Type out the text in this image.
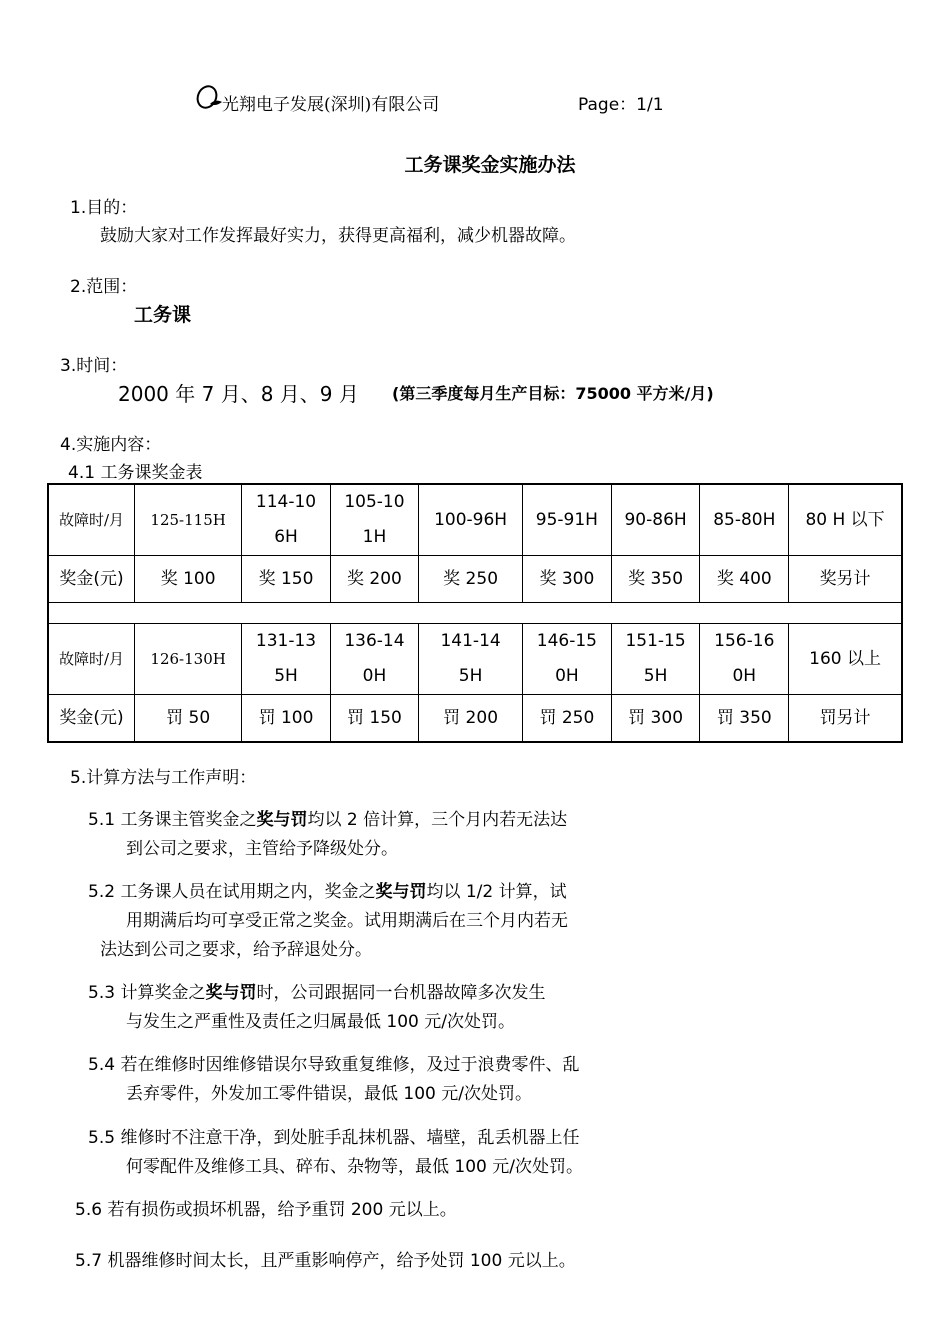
光翔电子发展(深圳)有限公司	Page：1/1
工务课奖金实施办法
1.目的：
鼓励大家对工作发挥最好实力，获得更高福利，减少机器故障。
2.范围：
工务课
3.时间：
2000 年 7 月、8 月、9 月 (第三季度每月生产目标：75000 平方米/月)
4.实施内容：
4.1 工务课奖金表
故障时/月	125-115H	114-106H	105-101H	100-96H	95-91H	90-86H	85-80H	80 H 以下
奖金(元)	奖 100	奖 150	奖 200	奖 250	奖 300	奖 350	奖 400	奖另计

故障时/月	126-130H	131-135H	136-140H	141-145H	146-150H	151-155H	156-160H	160 以上
奖金(元)	罚 50	罚 100	罚 150	罚 200	罚 250	罚 300	罚 350	罚另计
5.计算方法与工作声明：
5.1 工务课主管奖金之奖与罚均以 2 倍计算，三个月内若无法达
到公司之要求，主管给予降级处分。
5.2 工务课人员在试用期之内，奖金之奖与罚均以 1/2 计算，试
用期满后均可享受正常之奖金。试用期满后在三个月内若无
法达到公司之要求，给予辞退处分。
5.3 计算奖金之奖与罚时，公司跟据同一台机器故障多次发生
与发生之严重性及责任之归属最低 100 元/次处罚。
5.4 若在维修时因维修错误尔导致重复维修，及过于浪费零件、乱
丢弃零件，外发加工零件错误，最低 100 元/次处罚。
5.5 维修时不注意干净，到处脏手乱抹机器、墙壁，乱丢机器上任
何零配件及维修工具、碎布、杂物等，最低 100 元/次处罚。
5.6 若有损伤或损坏机器，给予重罚 200 元以上。
5.7 机器维修时间太长，且严重影响停产，给予处罚 100 元以上。
